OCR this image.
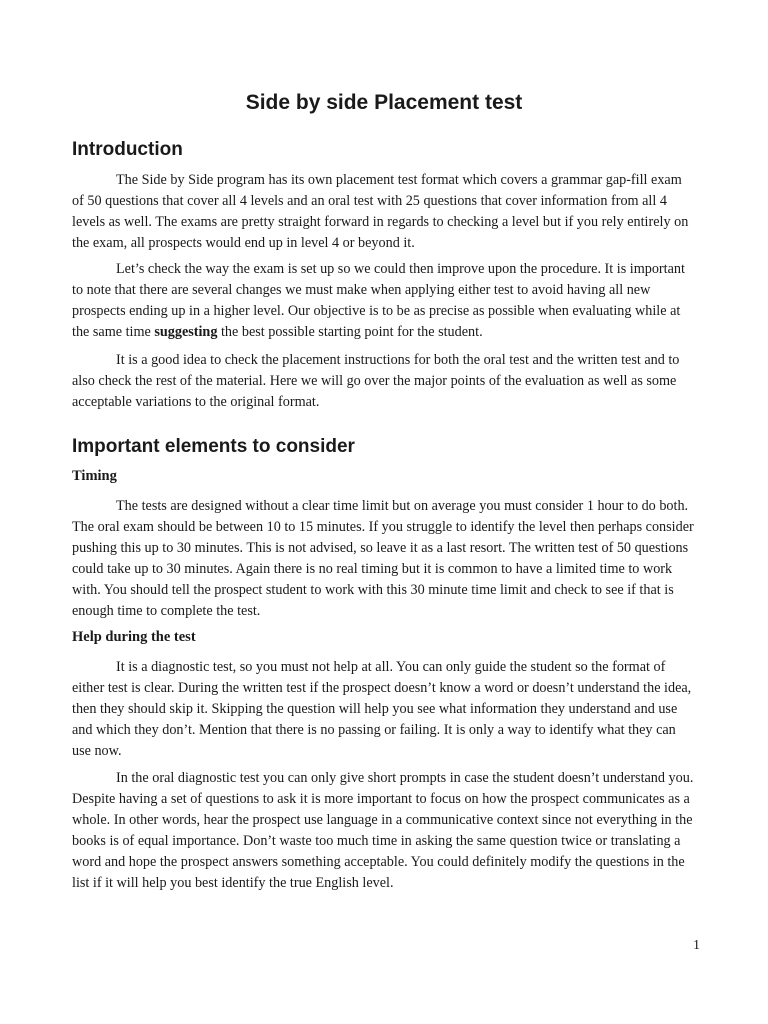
Side by side Placement test
Introduction

The Side by Side program has its own placement test format which covers a grammar gap-fill exam of 50 questions that cover all 4 levels and an oral test with 25 questions that cover information from all 4 levels as well. The exams are pretty straight forward in regards to checking a level but if you rely entirely on the exam, all prospects would end up in level 4 or beyond it.

Let’s check the way the exam is set up so we could then improve upon the procedure. It is important to note that there are several changes we must make when applying either test to avoid having all new prospects ending up in a higher level. Our objective is to be as precise as possible when evaluating while at the same time suggesting the best possible starting point for the student.

It is a good idea to check the placement instructions for both the oral test and the written test and to also check the rest of the material. Here we will go over the major points of the evaluation as well as some acceptable variations to the original format.

Important elements to consider
Timing

The tests are designed without a clear time limit but on average you must consider 1 hour to do both. The oral exam should be between 10 to 15 minutes. If you struggle to identify the level then perhaps consider pushing this up to 30 minutes. This is not advised, so leave it as a last resort. The written test of 50 questions could take up to 30 minutes. Again there is no real timing but it is common to have a limited time to work with. You should tell the prospect student to work with this 30 minute time limit and check to see if that is enough time to complete the test.

Help during the test

It is a diagnostic test, so you must not help at all. You can only guide the student so the format of either test is clear. During the written test if the prospect doesn’t know a word or doesn’t understand the idea, then they should skip it. Skipping the question will help you see what information they understand and use and which they don’t. Mention that there is no passing or failing. It is only a way to identify what they can use now.

In the oral diagnostic test you can only give short prompts in case the student doesn’t understand you. Despite having a set of questions to ask it is more important to focus on how the prospect communicates as a whole. In other words, hear the prospect use language in a communicative context since not everything in the books is of equal importance. Don’t waste too much time in asking the same question twice or translating a word and hope the prospect answers something acceptable. You could definitely modify the questions in the list if it will help you best identify the true English level.

1
